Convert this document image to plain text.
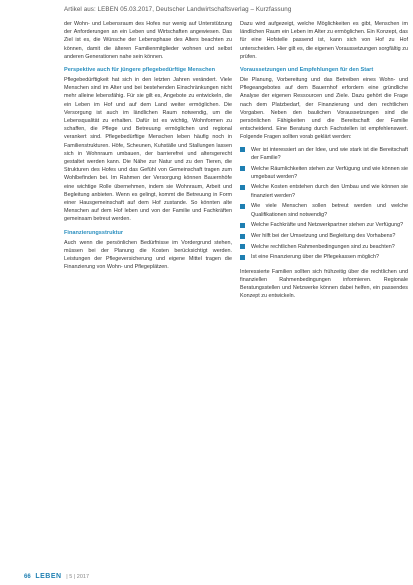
Artikel aus: LEBEN 05.03.2017, Deutscher Landwirtschaftsverlag – Kurzfassung

der Wohn- und Lebensraum des Hofes nur wenig auf Unterstützung der Anforderungen an ein Leben und Wirtschaften angewiesen. Das Ziel ist es, die Wünsche der Lebensphase des Alters beachten zu können, damit die älteren Familienmitglieder wohnen und selbst anderen Generationen nahe sein können.

Perspektive auch für jüngere pflegebedürftige Menschen

Pflegebedürftigkeit hat sich in den letzten Jahren verändert. Viele Menschen sind im Alter und bei bestehenden Einschränkungen nicht mehr alleine lebensfähig. Für sie gilt es, Angebote zu entwickeln, die ein Leben im Hof und auf dem Land weiter ermöglichen. Die Versorgung ist auch im ländlichen Raum notwendig, um die Lebensqualität zu erhalten. Dafür ist es wichtig, Wohnformen zu schaffen, die Pflege und Betreuung ermöglichen und regional verankert sind. Pflegebedürftige Menschen leben häufig noch in Familienstrukturen. Höfe, Scheunen, Kuhställe und Stallungen lassen sich in Wohnraum umbauen, der barrierefrei und altersgerecht gestaltet werden kann. Die Nähe zur Natur und zu den Tieren, die Strukturen des Hofes und das Gefühl von Gemeinschaft tragen zum Wohlbefinden bei. Im Rahmen der Versorgung können Bauernhöfe eine wichtige Rolle übernehmen, indem sie Wohnraum, Arbeit und Begleitung anbieten. Wenn es gelingt, kommt die Betreuung in Form einer Hausgemeinschaft auf dem Hof zustande. So könnten alte Menschen auf dem Hof leben und von der Familie und Fachkräften gemeinsam betreut werden.

Finanzierungsstruktur

Auch wenn die persönlichen Bedürfnisse im Vordergrund stehen, müssen bei der Planung die Kosten berücksichtigt werden. Leistungen der Pflegeversicherung und eigene Mittel tragen die Finanzierung von Wohn- und Pflegeplätzen.

Dazu wird aufgezeigt, welche Möglichkeiten es gibt, Menschen im ländlichen Raum ein Leben im Alter zu ermöglichen. Ein Konzept, das für eine Hofstelle passend ist, kann sich von Hof zu Hof unterscheiden. Hier gilt es, die eigenen Voraussetzungen sorgfältig zu prüfen.

Voraussetzungen und Empfehlungen für den Start

Die Planung, Vorbereitung und das Betreiben eines Wohn- und Pflegeangebotes auf dem Bauernhof erfordern eine gründliche Analyse der eigenen Ressourcen und Ziele. Dazu gehört die Frage nach dem Platzbedarf, der Finanzierung und den rechtlichen Vorgaben. Neben den baulichen Voraussetzungen sind die persönlichen Fähigkeiten und die Bereitschaft der Familie entscheidend. Eine Beratung durch Fachstellen ist empfehlenswert. Folgende Fragen sollten vorab geklärt werden:

Wer ist interessiert an der Idee, und wie stark ist die Bereitschaft der Familie?
Welche Räumlichkeiten stehen zur Verfügung und wie können sie umgebaut werden?
Welche Kosten entstehen durch den Umbau und wie können sie finanziert werden?
Wie viele Menschen sollen betreut werden und welche Qualifikationen sind notwendig?
Welche Fachkräfte und Netzwerkpartner stehen zur Verfügung?
Wer hilft bei der Umsetzung und Begleitung des Vorhabens?
Welche rechtlichen Rahmenbedingungen sind zu beachten?
Ist eine Finanzierung über die Pflegekassen möglich?

Interessierte Familien sollten sich frühzeitig über die rechtlichen und finanziellen Rahmenbedingungen informieren. Regionale Beratungsstellen und Netzwerke können dabei helfen, ein passendes Konzept zu entwickeln.

66 LEBEN | 5 | 2017
